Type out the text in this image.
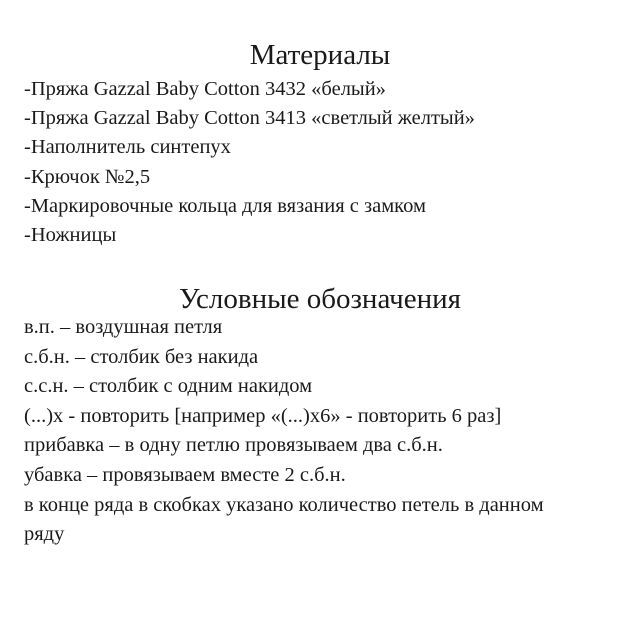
Материалы
-Пряжа Gazzal Baby Cotton 3432 «белый»
-Пряжа Gazzal Baby Cotton 3413 «светлый желтый»
-Наполнитель синтепух
-Крючок №2,5
-Маркировочные кольца для вязания с замком
-Ножницы
Условные обозначения
в.п. – воздушная петля
с.б.н. – столбик без накида
с.с.н. – столбик с одним накидом
(...)х - повторить [например «(...)х6» - повторить 6 раз]
прибавка – в одну петлю провязываем два с.б.н.
убавка – провязываем вместе 2 с.б.н.
в конце ряда в скобках указано количество петель в данном ряду
